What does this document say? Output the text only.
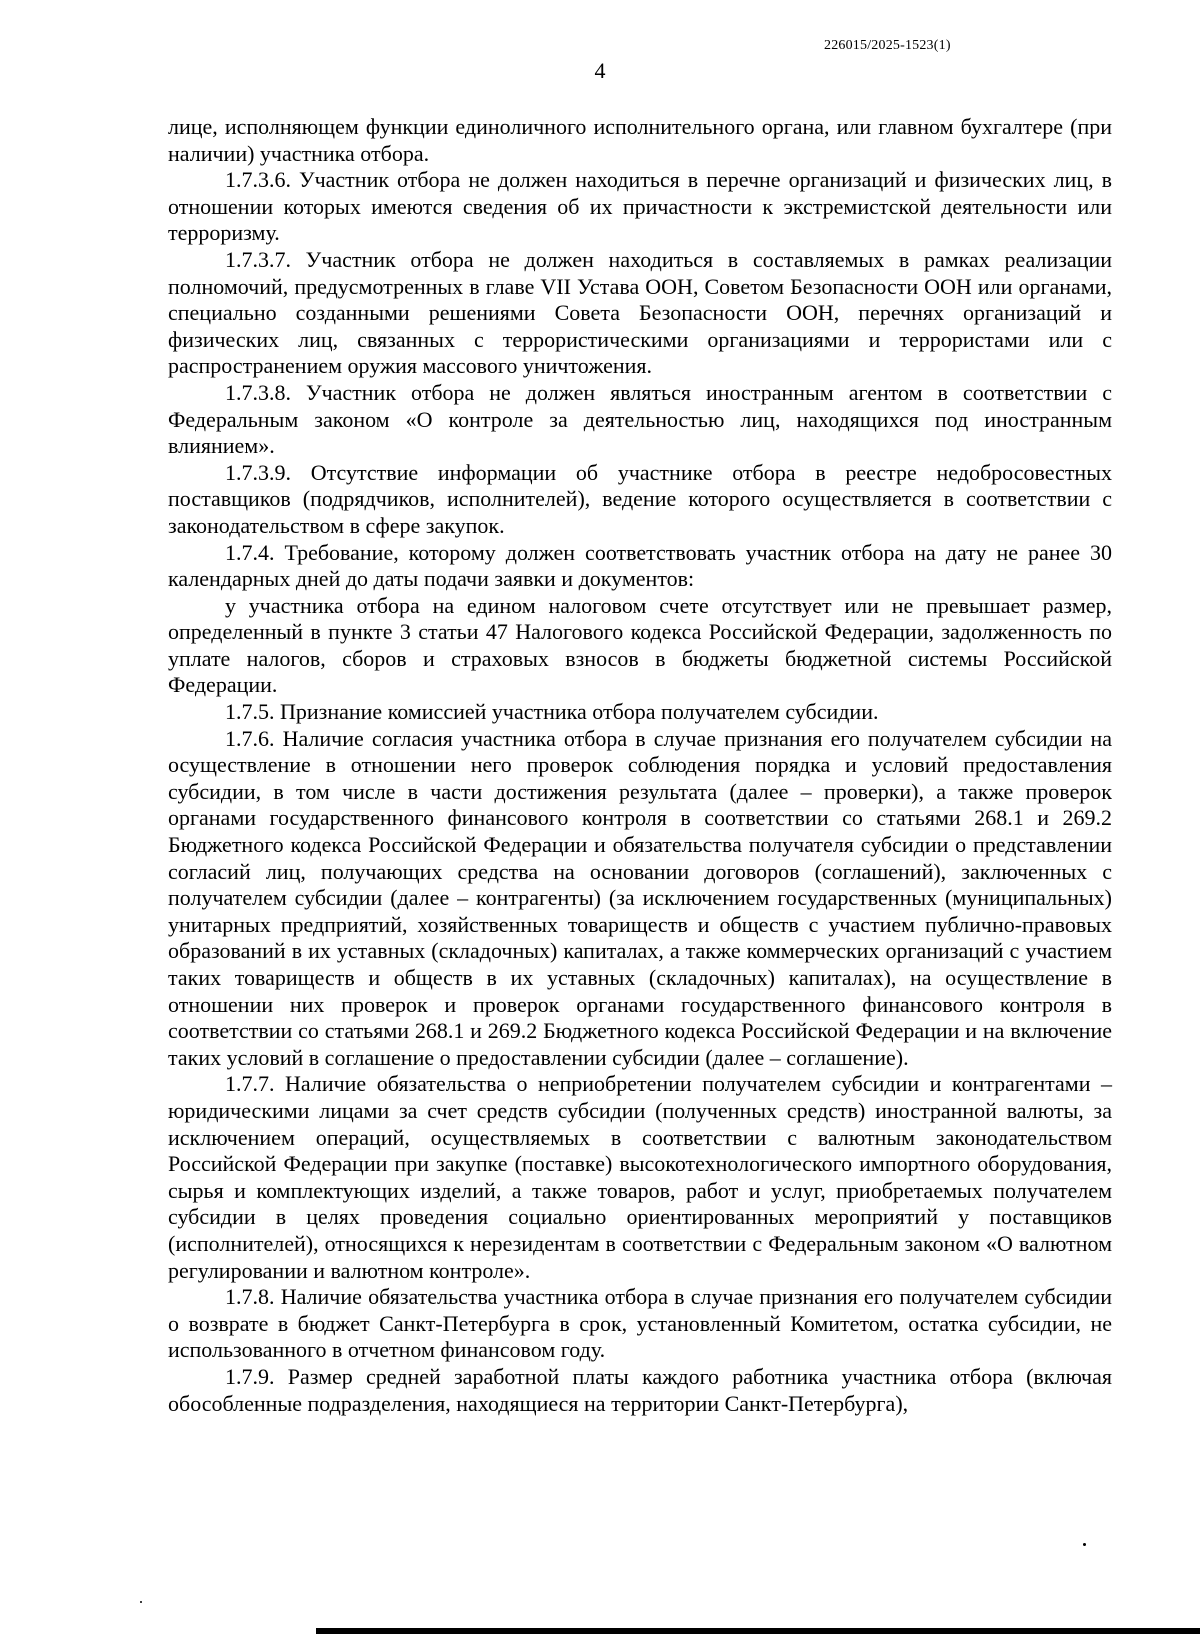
226015/2025-1523(1)
4

лице, исполняющем функции единоличного исполнительного органа, или главном бухгалтере (при наличии) участника отбора.

1.7.3.6. Участник отбора не должен находиться в перечне организаций и физических лиц, в отношении которых имеются сведения об их причастности к экстремистской деятельности или терроризму.

1.7.3.7. Участник отбора не должен находиться в составляемых в рамках реализации полномочий, предусмотренных в главе VII Устава ООН, Советом Безопасности ООН или органами, специально созданными решениями Совета Безопасности ООН, перечнях организаций и физических лиц, связанных с террористическими организациями и террористами или с распространением оружия массового уничтожения.

1.7.3.8. Участник отбора не должен являться иностранным агентом в соответствии с Федеральным законом «О контроле за деятельностью лиц, находящихся под иностранным влиянием».

1.7.3.9. Отсутствие информации об участнике отбора в реестре недобросовестных поставщиков (подрядчиков, исполнителей), ведение которого осуществляется в соответствии с законодательством в сфере закупок.

1.7.4. Требование, которому должен соответствовать участник отбора на дату не ранее 30 календарных дней до даты подачи заявки и документов:

у участника отбора на едином налоговом счете отсутствует или не превышает размер, определенный в пункте 3 статьи 47 Налогового кодекса Российской Федерации, задолженность по уплате налогов, сборов и страховых взносов в бюджеты бюджетной системы Российской Федерации.

1.7.5. Признание комиссией участника отбора получателем субсидии.

1.7.6. Наличие согласия участника отбора в случае признания его получателем субсидии на осуществление в отношении него проверок соблюдения порядка и условий предоставления субсидии, в том числе в части достижения результата (далее – проверки), а также проверок органами государственного финансового контроля в соответствии со статьями 268.1 и 269.2 Бюджетного кодекса Российской Федерации и обязательства получателя субсидии о представлении согласий лиц, получающих средства на основании договоров (соглашений), заключенных с получателем субсидии (далее – контрагенты) (за исключением государственных (муниципальных) унитарных предприятий, хозяйственных товариществ и обществ с участием публично-правовых образований в их уставных (складочных) капиталах, а также коммерческих организаций с участием таких товариществ и обществ в их уставных (складочных) капиталах), на осуществление в отношении них проверок и проверок органами государственного финансового контроля в соответствии со статьями 268.1 и 269.2 Бюджетного кодекса Российской Федерации и на включение таких условий в соглашение о предоставлении субсидии (далее – соглашение).

1.7.7. Наличие обязательства о неприобретении получателем субсидии и контрагентами – юридическими лицами за счет средств субсидии (полученных средств) иностранной валюты, за исключением операций, осуществляемых в соответствии с валютным законодательством Российской Федерации при закупке (поставке) высокотехнологического импортного оборудования, сырья и комплектующих изделий, а также товаров, работ и услуг, приобретаемых получателем субсидии в целях проведения социально ориентированных мероприятий у поставщиков (исполнителей), относящихся к нерезидентам в соответствии с Федеральным законом «О валютном регулировании и валютном контроле».

1.7.8. Наличие обязательства участника отбора в случае признания его получателем субсидии о возврате в бюджет Санкт-Петербурга в срок, установленный Комитетом, остатка субсидии, не использованного в отчетном финансовом году.

1.7.9. Размер средней заработной платы каждого работника участника отбора (включая обособленные подразделения, находящиеся на территории Санкт-Петербурга),
